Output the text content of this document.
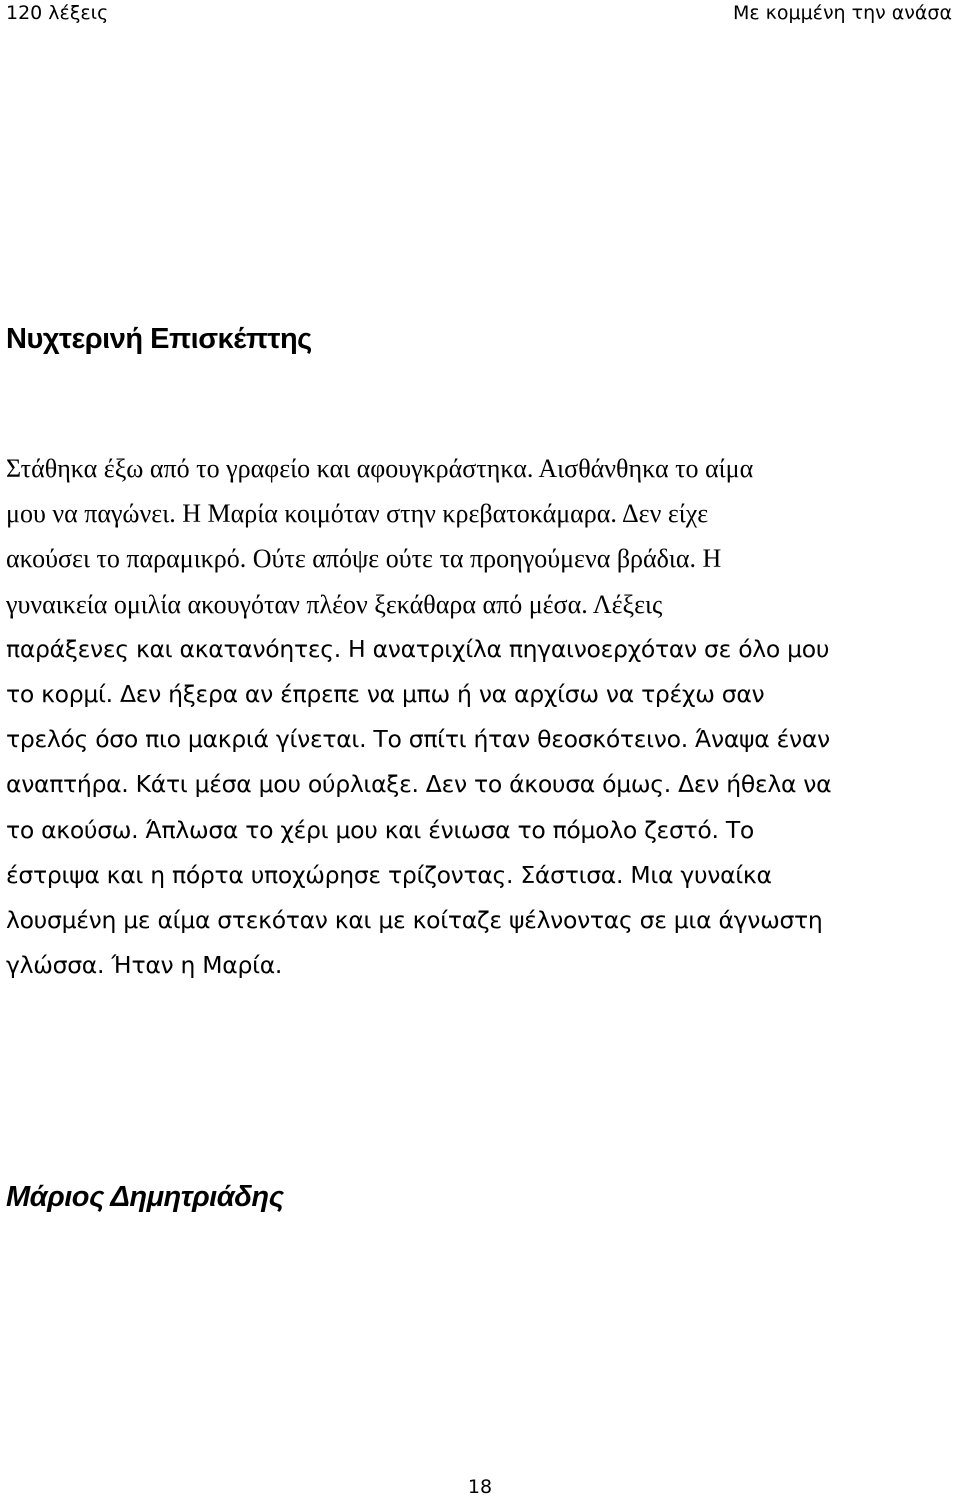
120 λέξεις	Με κομμένη την ανάσα
Νυχτερινή Επισκέπτης
Στάθηκα έξω από το γραφείο και αφουγκράστηκα. Αισθάνθηκα το αίμα
μου να παγώνει. Η Μαρία κοιμόταν στην κρεβατοκάμαρα. Δεν είχε
ακούσει το παραμικρό. Ούτε απόψε ούτε τα προηγούμενα βράδια. Η
γυναικεία ομιλία ακουγόταν πλέον ξεκάθαρα από μέσα. Λέξεις
παράξενες και ακατανόητες. Η ανατριχίλα πηγαινοερχόταν σε όλο μου
το κορμί. Δεν ήξερα αν έπρεπε να μπω ή να αρχίσω να τρέχω σαν
τρελός όσο πιο μακριά γίνεται. Το σπίτι ήταν θεοσκότεινο. Άναψα έναν
αναπτήρα. Κάτι μέσα μου ούρλιαξε. Δεν το άκουσα όμως. Δεν ήθελα να
το ακούσω. Άπλωσα το χέρι μου και ένιωσα το πόμολο ζεστό. Το
έστριψα και η πόρτα υποχώρησε τρίζοντας. Σάστισα. Μια γυναίκα
λουσμένη με αίμα στεκόταν και με κοίταζε ψέλνοντας σε μια άγνωστη
γλώσσα. Ήταν η Μαρία.
Μάριος Δημητριάδης
18
